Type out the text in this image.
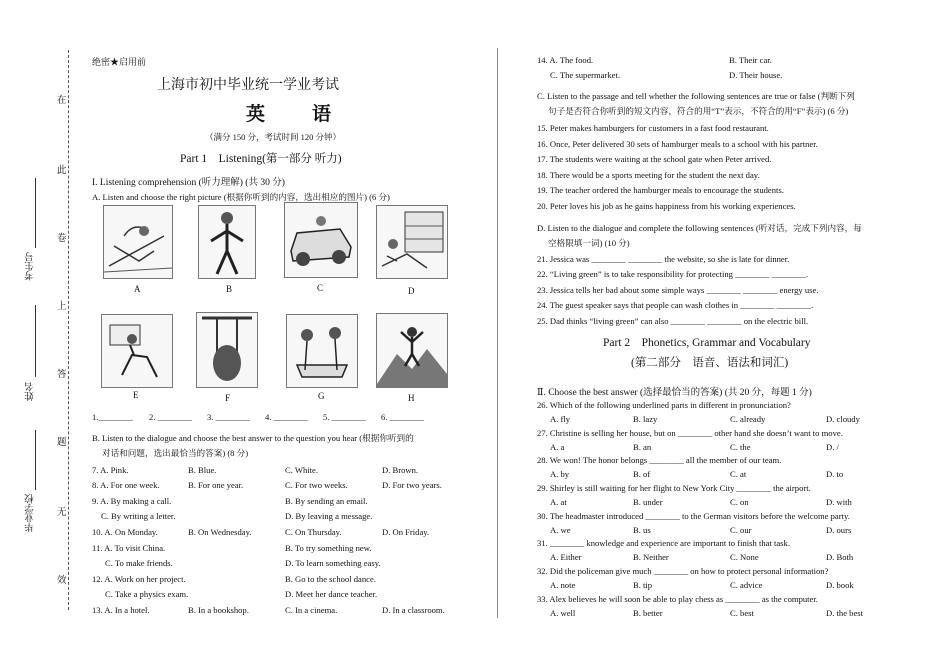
在
此
卷
上
答
题
无
效
考生号
姓名
毕业学校
绝密★启用前
上海市初中毕业统一学业考试
英　语
（满分 150 分，考试时间 120 分钟）
Part 1　Listening(第一部分 听力)
I. Listening comprehension (听力理解) (共 30 分)
A. Listen and choose the right picture (根据你听到的内容，选出相应的图片) (6 分)
A	B	C	D
E	F	G	H
1.________ 2. ________ 3. ________ 4. ________ 5. ________ 6. ________
B. Listen to the dialogue and choose the best answer to the question you hear (根据你听到的
对话和问题，选出最恰当的答案) (8 分)
7. A. Pink.	B. Blue.	C. White.	D. Brown.
8. A. For one week.	B. For one year.	C. For two weeks.	D. For two years.
9. A. By making a call.	B. By sending an email.
C. By writing a letter.	D. By leaving a message.
10. A. On Monday.	B. On Wednesday.	C. On Thursday.	D. On Friday.
11. A. To visit China.	B. To try something new.
C. To make friends.	D. To learn something easy.
12. A. Work on her project.	B. Go to the school dance.
C. Take a physics exam.	D. Meet her dance teacher.
13. A. In a hotel.	B. In a bookshop.	C. In a cinema.	D. In a classroom.
14. A. The food.	B. Their car.
C. The supermarket.	D. Their house.
C. Listen to the passage and tell whether the following sentences are true or false (判断下列
句子是否符合你听到的短文内容，符合的用“T”表示，不符合的用“F”表示) (6 分)
15. Peter makes hamburgers for customers in a fast food restaurant.
16. Once, Peter delivered 30 sets of hamburger meals to a school with his partner.
17. The students were waiting at the school gate when Peter arrived.
18. There would be a sports meeting for the student the next day.
19. The teacher ordered the hamburger meals to encourage the students.
20. Peter loves his job as he gains happiness from his working experiences.
D. Listen to the dialogue and complete the following sentences (听对话，完成下列内容，每
空格限填一词) (10 分)
21. Jessica was ________ ________ the website, so she is late for dinner.
22. “Living green” is to take responsibility for protecting ________ ________.
23. Jessica tells her bad about some simple ways ________ ________ energy use.
24. The guest speaker says that people can wash clothes in ________ ________.
25. Dad thinks “living green” can also ________ ________ on the electric bill.
Part 2　Phonetics, Grammar and Vocabulary
(第二部分　语音、语法和词汇)
Ⅱ. Choose the best answer (选择最恰当的答案) (共 20 分，每题 1 分)
26. Which of the following underlined parts in different in pronunciation?
A. fly	B. lazy	C. already	D. cloudy
27. Christine is selling her house, but on ________ other hand she doesn’t want to move.
A. a	B. an	C. the	D. /
28. We won! The honor belongs ________ all the member of our team.
A. by	B. of	C. at	D. to
29. Shirley is still waiting for her flight to New York City ________ the airport.
A. at	B. under	C. on	D. with
30. The headmaster introduced ________ to the German visitors before the welcome party.
A. we	B. us	C. our	D. ours
31. ________ knowledge and experience are important to finish that task.
A. Either	B. Neither	C. None	D. Both
32. Did the policeman give much ________ on how to protect personal information?
A. note	B. tip	C. advice	D. book
33. Alex believes he will soon be able to play chess as ________ as the computer.
A. well	B. better	C. best	D. the best
